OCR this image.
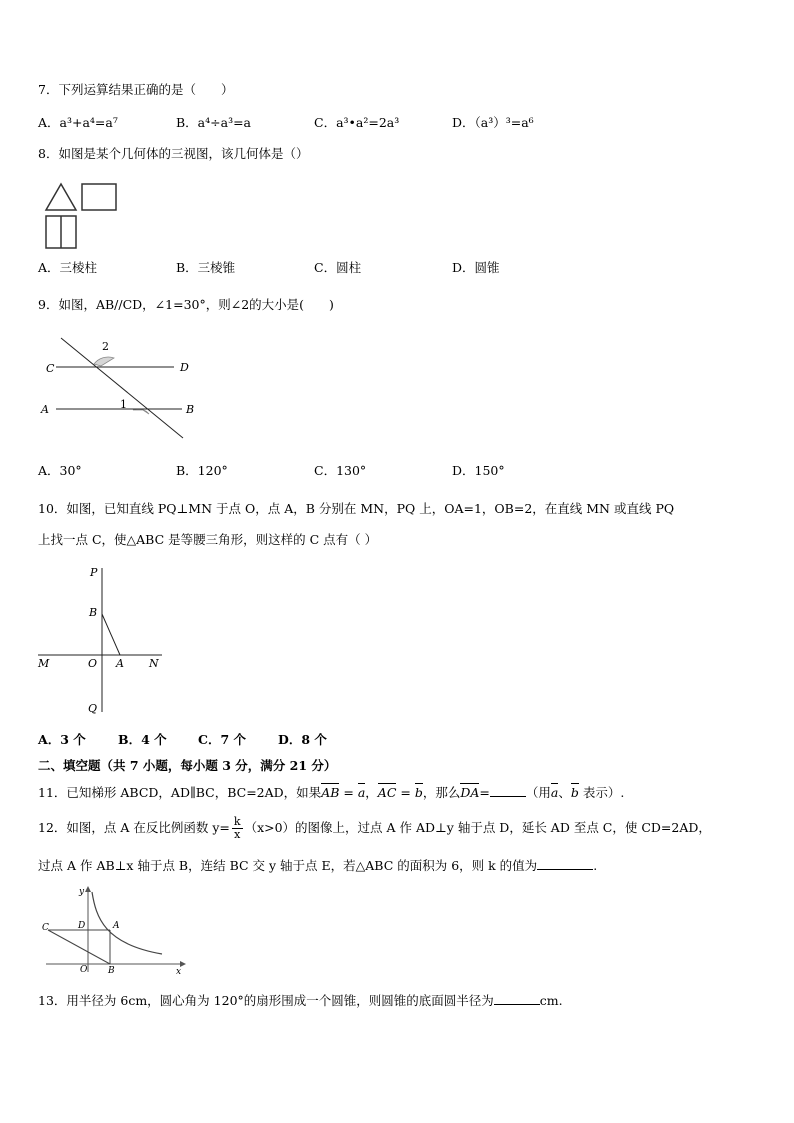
7．下列运算结果正确的是（　　）
A．a³+a⁴=a⁷	B．a⁴÷a³=a	C．a³•a²=2a³	D．（a³）³=a⁶
8．如图是某个几何体的三视图，该几何体是（）
A．三棱柱	B．三棱锥	C．圆柱	D．圆锥
9．如图，AB//CD，∠1=30°，则∠2的大小是(　　)
C	D
A	B
1
2
A．30°	B．120°	C．130°	D．150°
10．如图，已知直线 PQ⊥MN 于点 O，点 A，B 分别在 MN，PQ 上，OA=1，OB=2，在直线 MN 或直线 PQ
上找一点 C，使△ABC 是等腰三角形，则这样的 C 点有（ ）
P
B
M	O A N
Q
A．3 个	B．4 个	C．7 个	D．8 个
二、填空题（共 7 小题，每小题 3 分，满分 21 分）
11．已知梯形 ABCD，AD∥BC，BC=2AD，如果AB = a，AC = b，那么DA=	（用a、b 表示）.
12．如图，点 A 在反比例函数 $y= \frac{k}{x} (x>0)$的图像上，过点 A 作 AD⊥y 轴于点 D，延长 AD 至点 C，使 CD=2AD，
过点 A 作 AB⊥x 轴于点 B，连结 BC 交 y 轴于点 E，若△ABC 的面积为 6，则 k 的值为	.
y
x
C	D	A
O B
13．用半径为 6cm，圆心角为 120°的扇形围成一个圆锥，则圆锥的底面圆半径为	cm.
